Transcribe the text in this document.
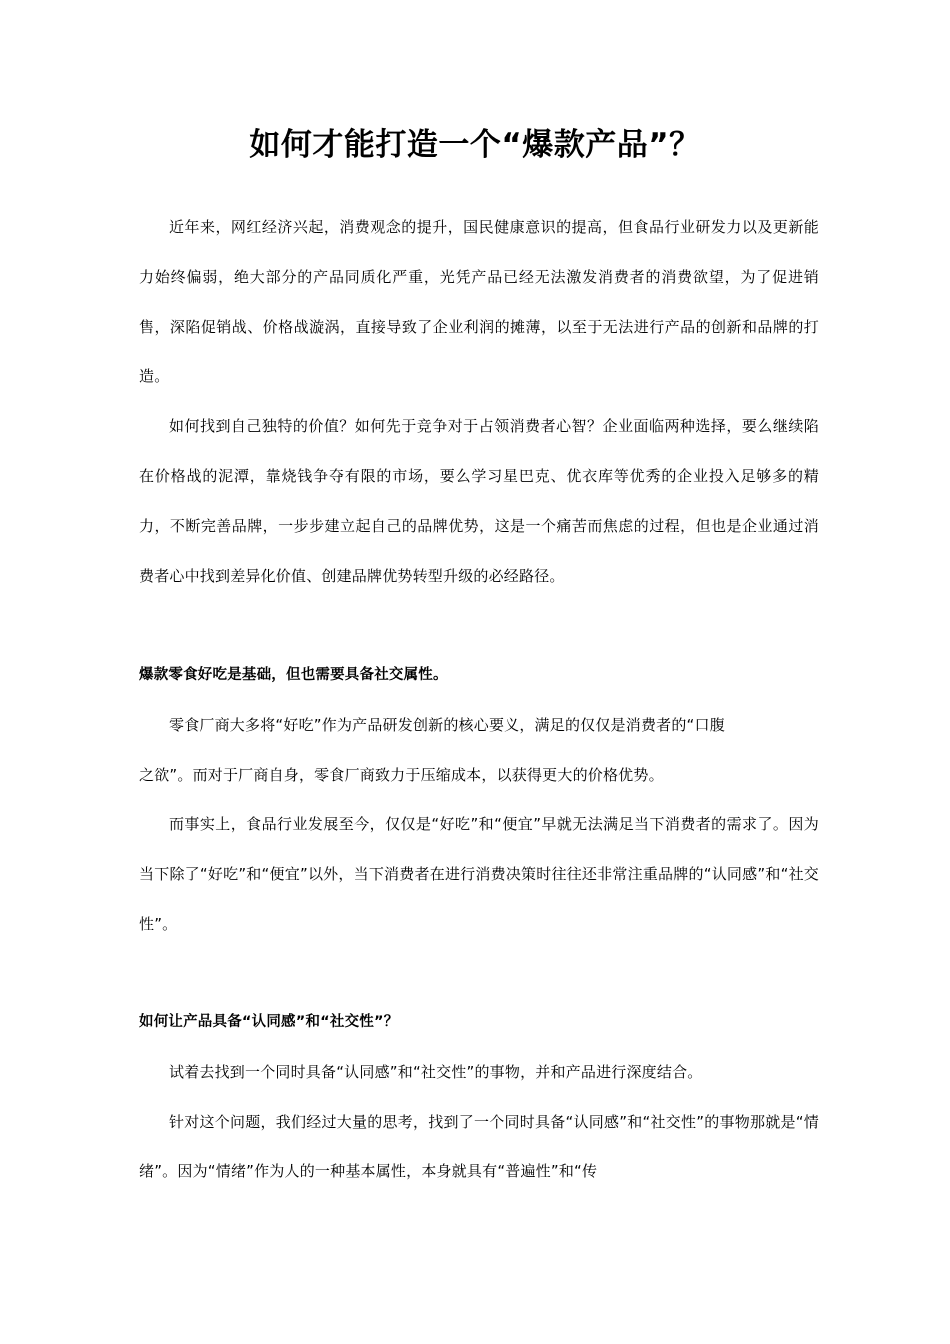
如何才能打造一个“爆款产品”？

近年来，网红经济兴起，消费观念的提升，国民健康意识的提高，但食品行业研发力以及更新能力始终偏弱，绝大部分的产品同质化严重，光凭产品已经无法激发消费者的消费欲望，为了促进销售，深陷促销战、价格战漩涡，直接导致了企业利润的摊薄，以至于无法进行产品的创新和品牌的打造。

如何找到自己独特的价值？如何先于竞争对于占领消费者心智？企业面临两种选择，要么继续陷在价格战的泥潭，靠烧钱争夺有限的市场，要么学习星巴克、优衣库等优秀的企业投入足够多的精力，不断完善品牌，一步步建立起自己的品牌优势，这是一个痛苦而焦虑的过程，但也是企业通过消费者心中找到差异化价值、创建品牌优势转型升级的必经路径。

爆款零食好吃是基础，但也需要具备社交属性。

零食厂商大多将“好吃”作为产品研发创新的核心要义，满足的仅仅是消费者的“口腹

之欲”。而对于厂商自身，零食厂商致力于压缩成本，以获得更大的价格优势。

而事实上，食品行业发展至今，仅仅是“好吃”和“便宜”早就无法满足当下消费者的需求了。因为当下除了“好吃”和“便宜”以外，当下消费者在进行消费决策时往往还非常注重品牌的“认同感”和“社交性”。

如何让产品具备“认同感”和“社交性”？

试着去找到一个同时具备“认同感”和“社交性”的事物，并和产品进行深度结合。

针对这个问题，我们经过大量的思考，找到了一个同时具备“认同感”和“社交性”的事物那就是“情绪”。因为“情绪”作为人的一种基本属性，本身就具有“普遍性”和“传
